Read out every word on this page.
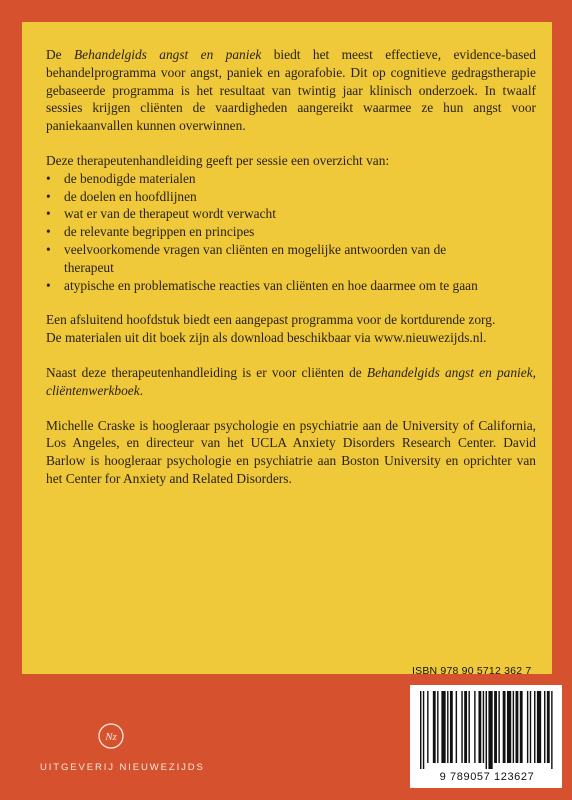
De Behandelgids angst en paniek biedt het meest effectieve, evidence-based behandelprogramma voor angst, paniek en agorafobie. Dit op cognitieve gedragstherapie gebaseerde programma is het resultaat van twintig jaar klinisch onderzoek. In twaalf sessies krijgen cliënten de vaardigheden aangereikt waarmee ze hun angst voor paniekaanvallen kunnen overwinnen.

Deze therapeutenhandleiding geeft per sessie een overzicht van:

• de benodigde materialen
• de doelen en hoofdlijnen
• wat er van de therapeut wordt verwacht
• de relevante begrippen en principes
• veelvoorkomende vragen van cliënten en mogelijke antwoorden van de therapeut
• atypische en problematische reacties van cliënten en hoe daarmee om te gaan

Een afsluitend hoofdstuk biedt een aangepast programma voor de kortdurende zorg.

De materialen uit dit boek zijn als download beschikbaar via www.nieuwezijds.nl.

Naast deze therapeutenhandleiding is er voor cliënten de Behandelgids angst en paniek, cliëntenwerkboek.

Michelle Craske is hoogleraar psychologie en psychiatrie aan de University of California, Los Angeles, en directeur van het UCLA Anxiety Disorders Research Center. David Barlow is hoogleraar psychologie en psychiatrie aan Boston University en oprichter van het Center for Anxiety and Related Disorders.

ISBN 978 90 5712 362 7
9 789057 123627
Nz
UITGEVERIJ NIEUWEZIJDS
